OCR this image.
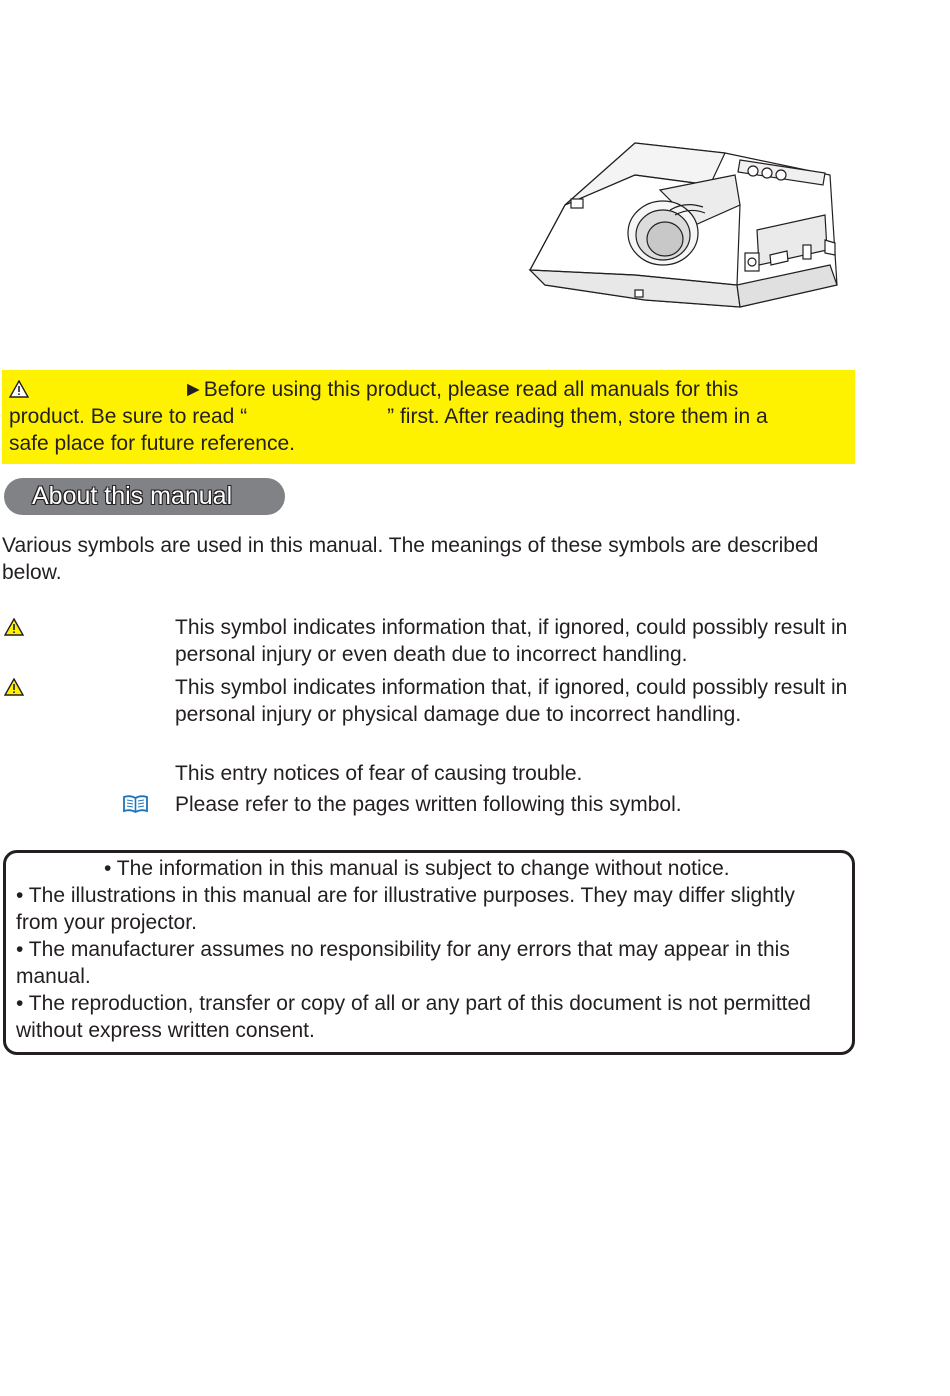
►Before using this product, please read all manuals for this
product. Be sure to read “	” first. After reading them, store them in a
safe place for future reference.
About this manual
Various symbols are used in this manual. The meanings of these symbols are described below.
This symbol indicates information that, if ignored, could possibly result in personal injury or even death due to incorrect handling.
This symbol indicates information that, if ignored, could possibly result in personal injury or physical damage due to incorrect handling.
This entry notices of fear of causing trouble.
Please refer to the pages written following this symbol.
• The information in this manual is subject to change without notice.
• The illustrations in this manual are for illustrative purposes. They may differ slightly from your projector.
• The manufacturer assumes no responsibility for any errors that may appear in this manual.
• The reproduction, transfer or copy of all or any part of this document is not permitted without express written consent.
